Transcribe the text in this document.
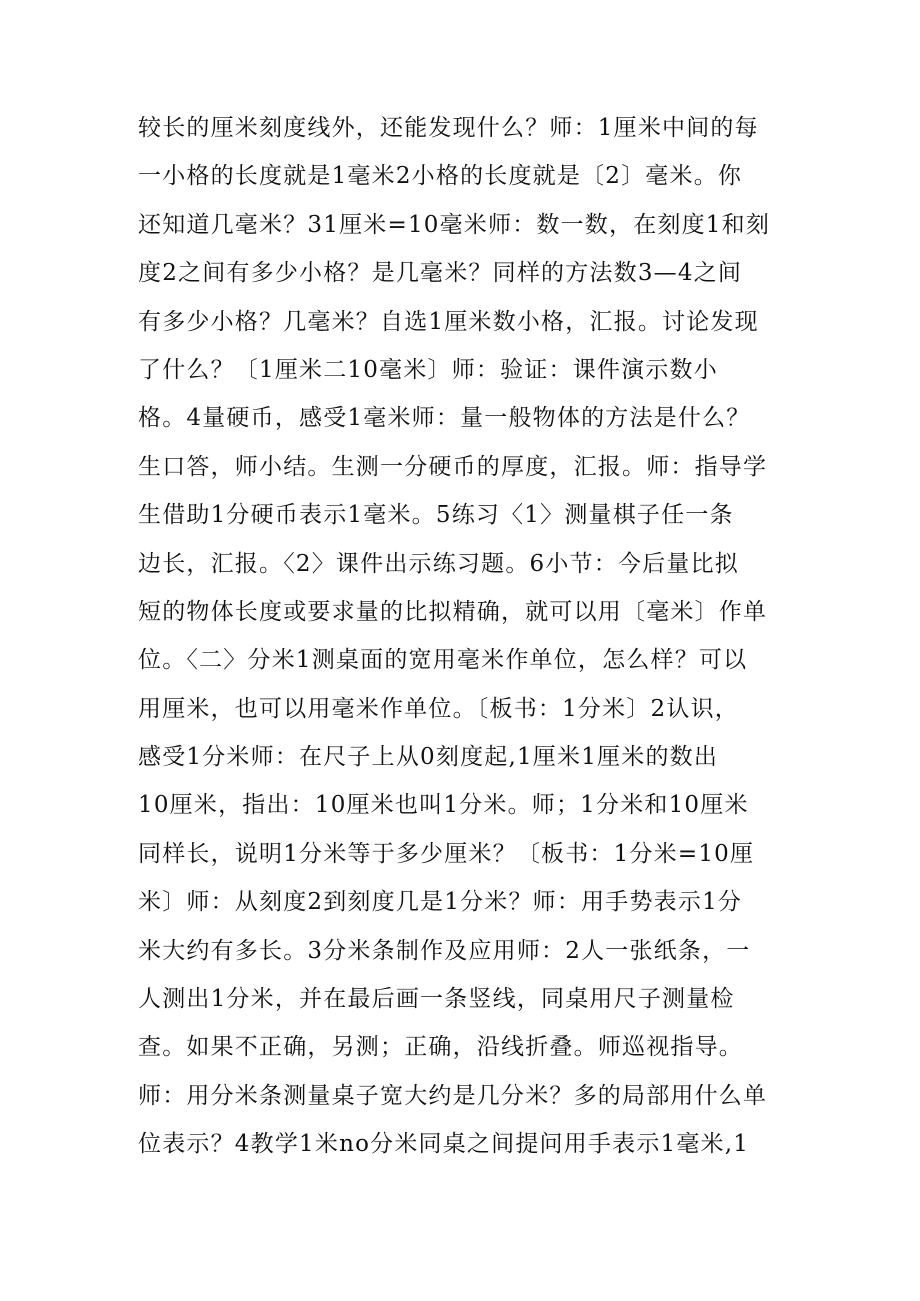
较长的厘米刻度线外，还能发现什么？师：1厘米中间的每
一小格的长度就是1毫米2小格的长度就是〔2〕毫米。你
还知道几毫米？31厘米=10毫米师：数一数，在刻度1和刻
度2之间有多少小格？是几毫米？同样的方法数3—4之间
有多少小格？几毫米？自选1厘米数小格，汇报。讨论发现
了什么？〔1厘米二10毫米〕师：验证：课件演示数小
格。4量硬币，感受1毫米师：量一般物体的方法是什么？
生口答，师小结。生测一分硬币的厚度，汇报。师：指导学
生借助1分硬币表示1毫米。5练习〈1〉测量棋子任一条
边长，汇报。〈2〉课件出示练习题。6小节：今后量比拟
短的物体长度或要求量的比拟精确，就可以用〔毫米〕作单
位。〈二〉分米1测桌面的宽用毫米作单位，怎么样？可以
用厘米，也可以用毫米作单位。〔板书：1分米〕2认识，
感受1分米师：在尺子上从0刻度起,1厘米1厘米的数出
10厘米，指出：10厘米也叫1分米。师；1分米和10厘米
同样长，说明1分米等于多少厘米？〔板书：1分米=10厘
米〕师：从刻度2到刻度几是1分米？师：用手势表示1分
米大约有多长。3分米条制作及应用师：2人一张纸条，一
人测出1分米，并在最后画一条竖线，同桌用尺子测量检
查。如果不正确，另测；正确，沿线折叠。师巡视指导。
师：用分米条测量桌子宽大约是几分米？多的局部用什么单
位表示？4教学1米no分米同桌之间提问用手表示1毫米,1
